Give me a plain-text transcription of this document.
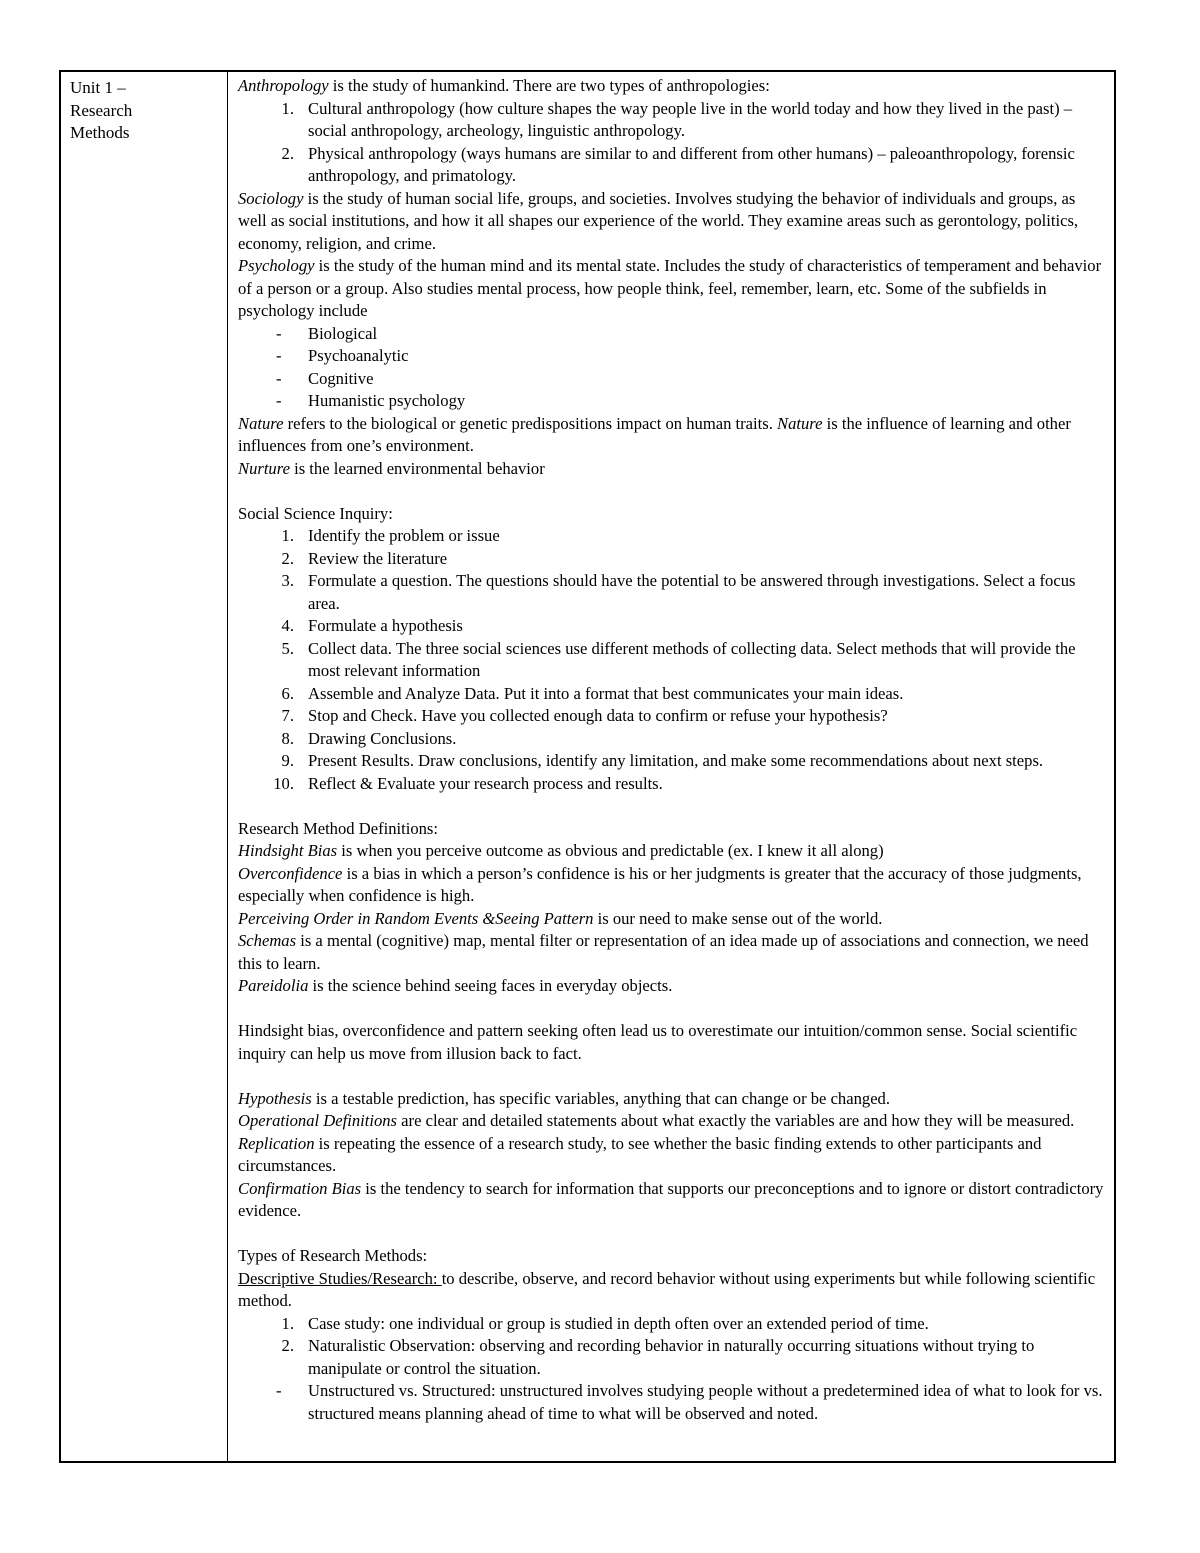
Unit 1 –
Research
Methods

Anthropology is the study of humankind. There are two types of anthropologies:

1. Cultural anthropology (how culture shapes the way people live in the world today and how they lived in the past) – social anthropology, archeology, linguistic anthropology.
2. Physical anthropology (ways humans are similar to and different from other humans) – paleoanthropology, forensic anthropology, and primatology.

Sociology is the study of human social life, groups, and societies. Involves studying the behavior of individuals and groups, as well as social institutions, and how it all shapes our experience of the world. They examine areas such as gerontology, politics, economy, religion, and crime.

Psychology is the study of the human mind and its mental state. Includes the study of characteristics of temperament and behavior of a person or a group. Also studies mental process, how people think, feel, remember, learn, etc. Some of the subfields in psychology include

-	Biological
-	Psychoanalytic
-	Cognitive
-	Humanistic psychology

Nature refers to the biological or genetic predispositions impact on human traits. Nature is the influence of learning and other influences from one’s environment.

Nurture is the learned environmental behavior

Social Science Inquiry:

1. Identify the problem or issue
2. Review the literature
3. Formulate a question. The questions should have the potential to be answered through investigations. Select a focus area.
4. Formulate a hypothesis
5. Collect data. The three social sciences use different methods of collecting data. Select methods that will provide the most relevant information
6. Assemble and Analyze Data. Put it into a format that best communicates your main ideas.
7. Stop and Check. Have you collected enough data to confirm or refuse your hypothesis?
8. Drawing Conclusions.
9. Present Results. Draw conclusions, identify any limitation, and make some recommendations about next steps.
10. Reflect & Evaluate your research process and results.

Research Method Definitions:

Hindsight Bias is when you perceive outcome as obvious and predictable (ex. I knew it all along)

Overconfidence is a bias in which a person’s confidence is his or her judgments is greater that the accuracy of those judgments, especially when confidence is high.

Perceiving Order in Random Events &Seeing Pattern is our need to make sense out of the world.

Schemas is a mental (cognitive) map, mental filter or representation of an idea made up of associations and connection, we need this to learn.

Pareidolia is the science behind seeing faces in everyday objects.

Hindsight bias, overconfidence and pattern seeking often lead us to overestimate our intuition/common sense. Social scientific inquiry can help us move from illusion back to fact.

Hypothesis is a testable prediction, has specific variables, anything that can change or be changed.

Operational Definitions are clear and detailed statements about what exactly the variables are and how they will be measured.

Replication is repeating the essence of a research study, to see whether the basic finding extends to other participants and circumstances.

Confirmation Bias is the tendency to search for information that supports our preconceptions and to ignore or distort contradictory evidence.

Types of Research Methods:

Descriptive Studies/Research: to describe, observe, and record behavior without using experiments but while following scientific method.

1. Case study: one individual or group is studied in depth often over an extended period of time.
2. Naturalistic Observation: observing and recording behavior in naturally occurring situations without trying to manipulate or control the situation.
-	Unstructured vs. Structured: unstructured involves studying people without a predetermined idea of what to look for vs. structured means planning ahead of time to what will be observed and noted.
